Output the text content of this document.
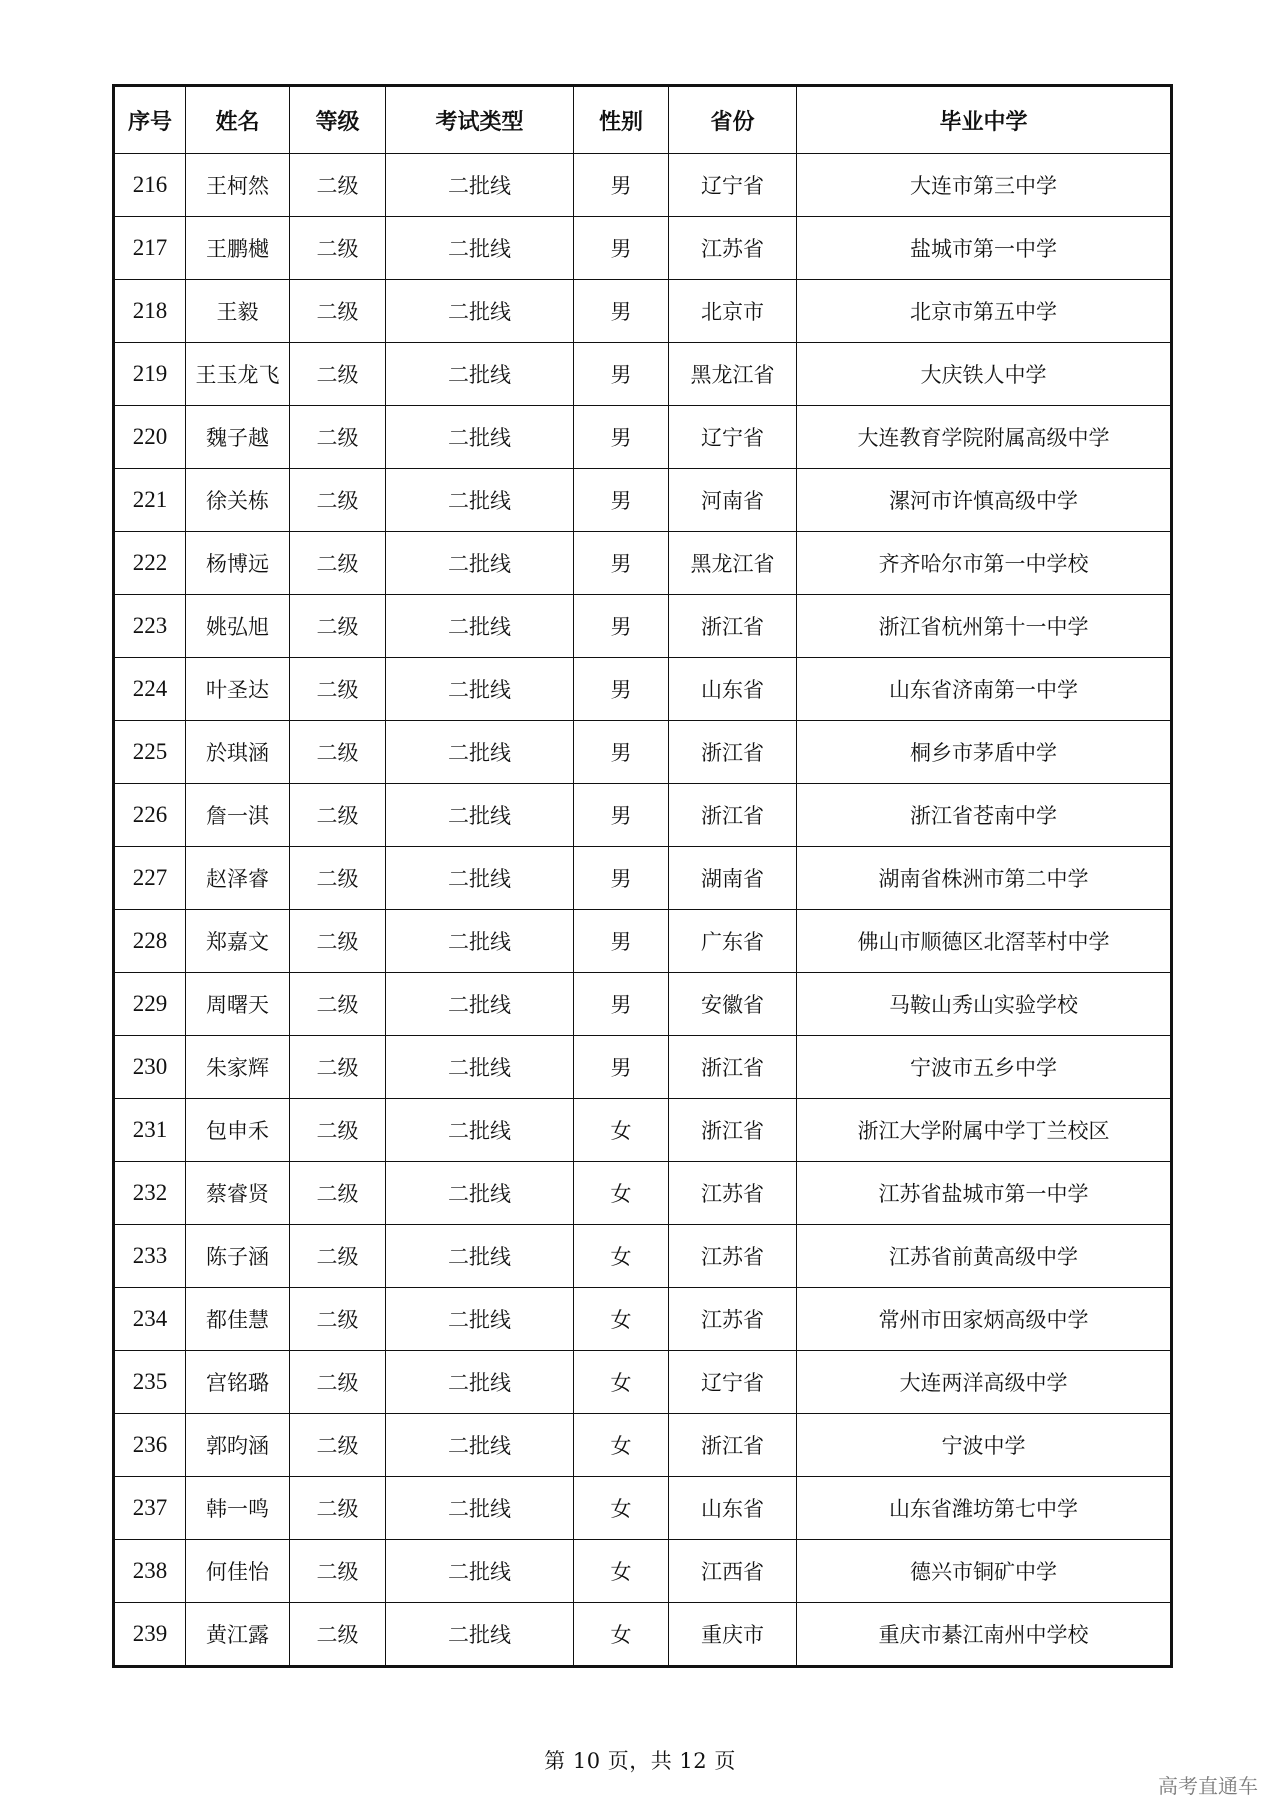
序号	姓名	等级	考试类型	性别	省份	毕业中学
216	王柯然	二级	二批线	男	辽宁省	大连市第三中学
217	王鹏樾	二级	二批线	男	江苏省	盐城市第一中学
218	王毅	二级	二批线	男	北京市	北京市第五中学
219	王玉龙飞	二级	二批线	男	黑龙江省	大庆铁人中学
220	魏子越	二级	二批线	男	辽宁省	大连教育学院附属高级中学
221	徐关栋	二级	二批线	男	河南省	漯河市许慎高级中学
222	杨博远	二级	二批线	男	黑龙江省	齐齐哈尔市第一中学校
223	姚弘旭	二级	二批线	男	浙江省	浙江省杭州第十一中学
224	叶圣达	二级	二批线	男	山东省	山东省济南第一中学
225	於琪涵	二级	二批线	男	浙江省	桐乡市茅盾中学
226	詹一淇	二级	二批线	男	浙江省	浙江省苍南中学
227	赵泽睿	二级	二批线	男	湖南省	湖南省株洲市第二中学
228	郑嘉文	二级	二批线	男	广东省	佛山市顺德区北滘莘村中学
229	周曙天	二级	二批线	男	安徽省	马鞍山秀山实验学校
230	朱家辉	二级	二批线	男	浙江省	宁波市五乡中学
231	包申禾	二级	二批线	女	浙江省	浙江大学附属中学丁兰校区
232	蔡睿贤	二级	二批线	女	江苏省	江苏省盐城市第一中学
233	陈子涵	二级	二批线	女	江苏省	江苏省前黄高级中学
234	都佳慧	二级	二批线	女	江苏省	常州市田家炳高级中学
235	宫铭璐	二级	二批线	女	辽宁省	大连两洋高级中学
236	郭昀涵	二级	二批线	女	浙江省	宁波中学
237	韩一鸣	二级	二批线	女	山东省	山东省潍坊第七中学
238	何佳怡	二级	二批线	女	江西省	德兴市铜矿中学
239	黄江露	二级	二批线	女	重庆市	重庆市綦江南州中学校
第 10 页，共 12 页
高考直通车
